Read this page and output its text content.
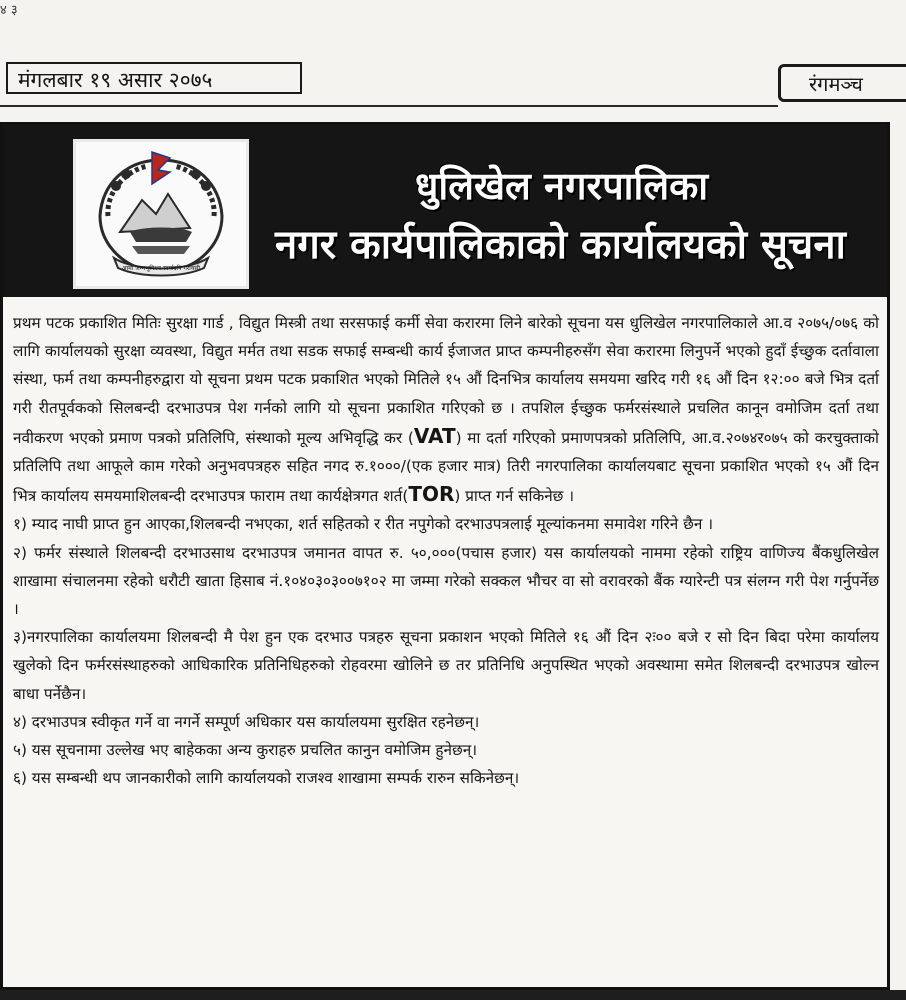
४ ३
मंगलबार १९ असार २०७५	रंगमञ्च
आमा जन्मभूमिश्च स्वर्गादपि गरीयसी
धुलिखेल नगरपालिका
नगर कार्यपालिकाको कार्यालयको सूचना

प्रथम पटक प्रकाशित मितिः सुरक्षा गार्ड , विद्युत मिस्त्री तथा सरसफाई कर्मी सेवा करारमा लिने बारेको सूचना यस धुलिखेल नगरपालिकाले आ.व २०७५/०७६ को लागि कार्यालयको सुरक्षा व्यवस्था, विद्युत मर्मत तथा सडक सफाई सम्बन्धी कार्य ईजाजत प्राप्त कम्पनीहरुसँग सेवा करारमा लिनुपर्ने भएको हुदाँ ईच्छुक दर्तावाला संस्था, फर्म तथा कम्पनीहरुद्वारा यो सूचना प्रथम पटक प्रकाशित भएको मितिले १५ औं दिनभित्र कार्यालय समयमा खरिद गरी १६ औं दिन १२:०० बजे भित्र दर्ता गरी रीतपूर्वकको सिलबन्दी दरभाउपत्र पेश गर्नको लागि यो सूचना प्रकाशित गरिएको छ । तपशिल ईच्छुक फर्मरसंस्थाले प्रचलित कानून वमोजिम दर्ता तथा नवीकरण भएको प्रमाण पत्रको प्रतिलिपि, संस्थाको मूल्य अभिवृद्धि कर (VAT) मा दर्ता गरिएको प्रमाणपत्रको प्रतिलिपि, आ.व.२०७४र०७५ को करचुक्ताको प्रतिलिपि तथा आफूले काम गरेको अनुभवपत्रहरु सहित नगद रु.१०००/(एक हजार मात्र) तिरी नगरपालिका कार्यालयबाट सूचना प्रकाशित भएको १५ औं दिन भित्र कार्यालय समयमाशिलबन्दी दरभाउपत्र फाराम तथा कार्यक्षेत्रगत शर्त(TOR) प्राप्त गर्न सकिनेछ ।

१) म्याद नाघी प्राप्त हुन आएका,शिलबन्दी नभएका, शर्त सहितको र रीत नपुगेको दरभाउपत्रलाई मूल्यांकनमा समावेश गरिने छैन ।

२) फर्मर संस्थाले शिलबन्दी दरभाउसाथ दरभाउपत्र जमानत वापत रु. ५०,०००(पचास हजार) यस कार्यालयको नाममा रहेको राष्ट्रिय वाणिज्य बैंकधुलिखेल शाखामा संचालनमा रहेको धरौटी खाता हिसाब नं.१०४०३०३००७१०२ मा जम्मा गरेको सक्कल भौचर वा सो वरावरको बैंक ग्यारेन्टी पत्र संलग्न गरी पेश गर्नुपर्नेछ ।

३)नगरपालिका कार्यालयमा शिलबन्दी मै पेश हुन एक दरभाउ पत्रहरु सूचना प्रकाशन भएको मितिले १६ औं दिन २ः०० बजे र सो दिन बिदा परेमा कार्यालय खुलेको दिन फर्मरसंस्थाहरुको आधिकारिक प्रतिनिधिहरुको रोहवरमा खोलिने छ तर प्रतिनिधि अनुपस्थित भएको अवस्थामा समेत शिलबन्दी दरभाउपत्र खोल्न बाधा पर्नेछैन।

४) दरभाउपत्र स्वीकृत गर्ने वा नगर्ने सम्पूर्ण अधिकार यस कार्यालयमा सुरक्षित रहनेछन्।

५) यस सूचनामा उल्लेख भए बाहेकका अन्य कुराहरु प्रचलित कानुन वमोजिम हुनेछन्।

६) यस सम्बन्धी थप जानकारीको लागि कार्यालयको राजश्व शाखामा सम्पर्क रारुन सकिनेछन्।
